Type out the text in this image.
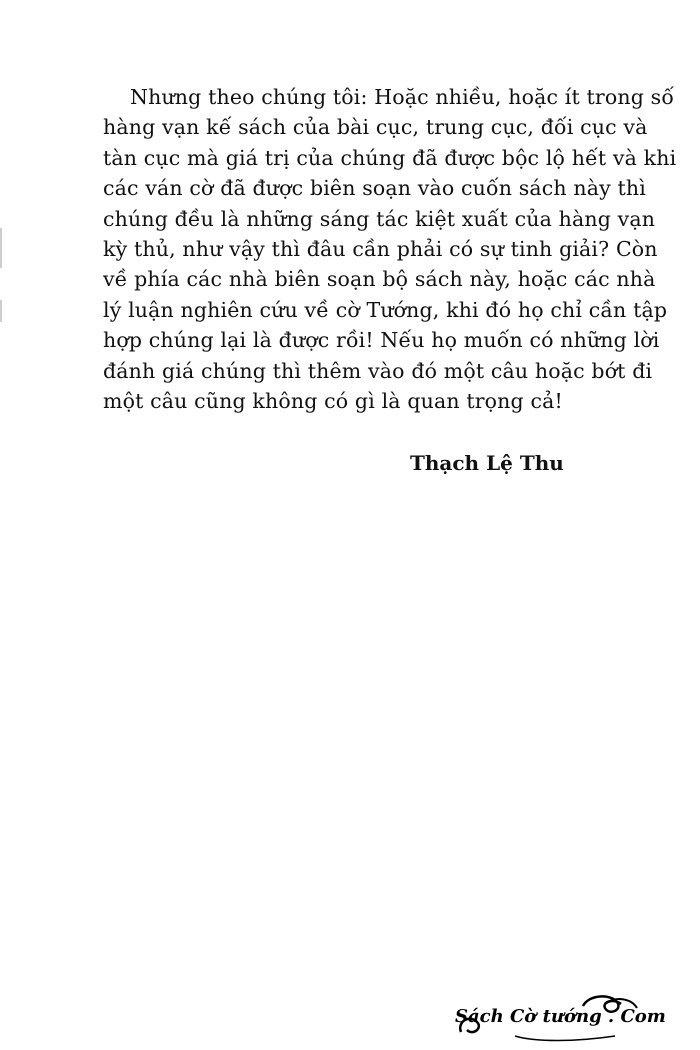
Nhưng theo chúng tôi: Hoặc nhiều, hoặc ít trong số
hàng vạn kế sách của bài cục, trung cục, đối cục và
tàn cục mà giá trị của chúng đã được bộc lộ hết và khi
các ván cờ đã được biên soạn vào cuốn sách này thì
chúng đều là những sáng tác kiệt xuất của hàng vạn
kỳ thủ, như vậy thì đâu cần phải có sự tinh giải? Còn
về phía các nhà biên soạn bộ sách này, hoặc các nhà
lý luận nghiên cứu về cờ Tướng, khi đó họ chỉ cần tập
hợp chúng lại là được rồi! Nếu họ muốn có những lời
đánh giá chúng thì thêm vào đó một câu hoặc bớt đi
một câu cũng không có gì là quan trọng cả!
Thạch Lệ Thu
Sách Cờ tướng . Com
